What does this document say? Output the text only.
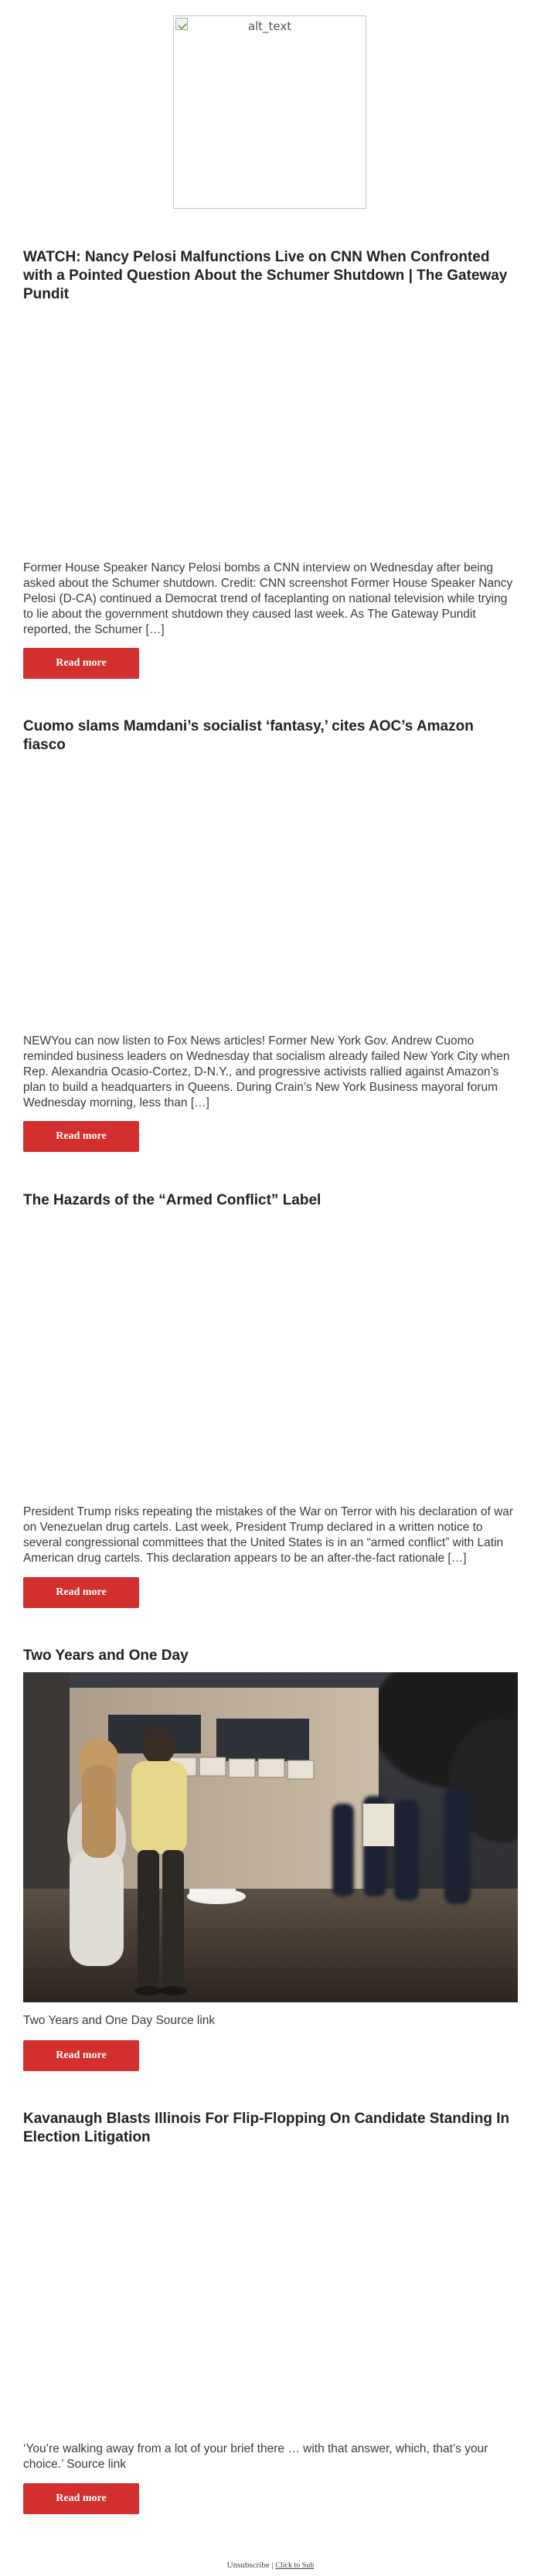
alt_text
WATCH: Nancy Pelosi Malfunctions Live on CNN When Confronted with a Pointed Question About the Schumer Shutdown | The Gateway Pundit
Former House Speaker Nancy Pelosi bombs a CNN interview on Wednesday after being asked about the Schumer shutdown. Credit: CNN screenshot Former House Speaker Nancy Pelosi (D-CA) continued a Democrat trend of faceplanting on national television while trying to lie about the government shutdown they caused last week. As The Gateway Pundit reported, the Schumer […]
Read more
Cuomo slams Mamdani’s socialist ‘fantasy,’ cites AOC’s Amazon fiasco
NEWYou can now listen to Fox News articles! Former New York Gov. Andrew Cuomo reminded business leaders on Wednesday that socialism already failed New York City when Rep. Alexandria Ocasio-Cortez, D-N.Y., and progressive activists rallied against Amazon’s plan to build a headquarters in Queens. During Crain’s New York Business mayoral forum Wednesday morning, less than […]
Read more
The Hazards of the “Armed Conflict” Label
President Trump risks repeating the mistakes of the War on Terror with his declaration of war on Venezuelan drug cartels. Last week, President Trump declared in a written notice to several congressional committees that the United States is in an “armed conflict” with Latin American drug cartels. This declaration appears to be an after-the-fact rationale […]
Read more
Two Years and One Day
Two Years and One Day Source link
Read more
Kavanaugh Blasts Illinois For Flip-Flopping On Candidate Standing In Election Litigation
‘You’re walking away from a lot of your brief there … with that answer, which, that’s your choice.’ Source link
Read more
Unsubscribe | Click to Sub
